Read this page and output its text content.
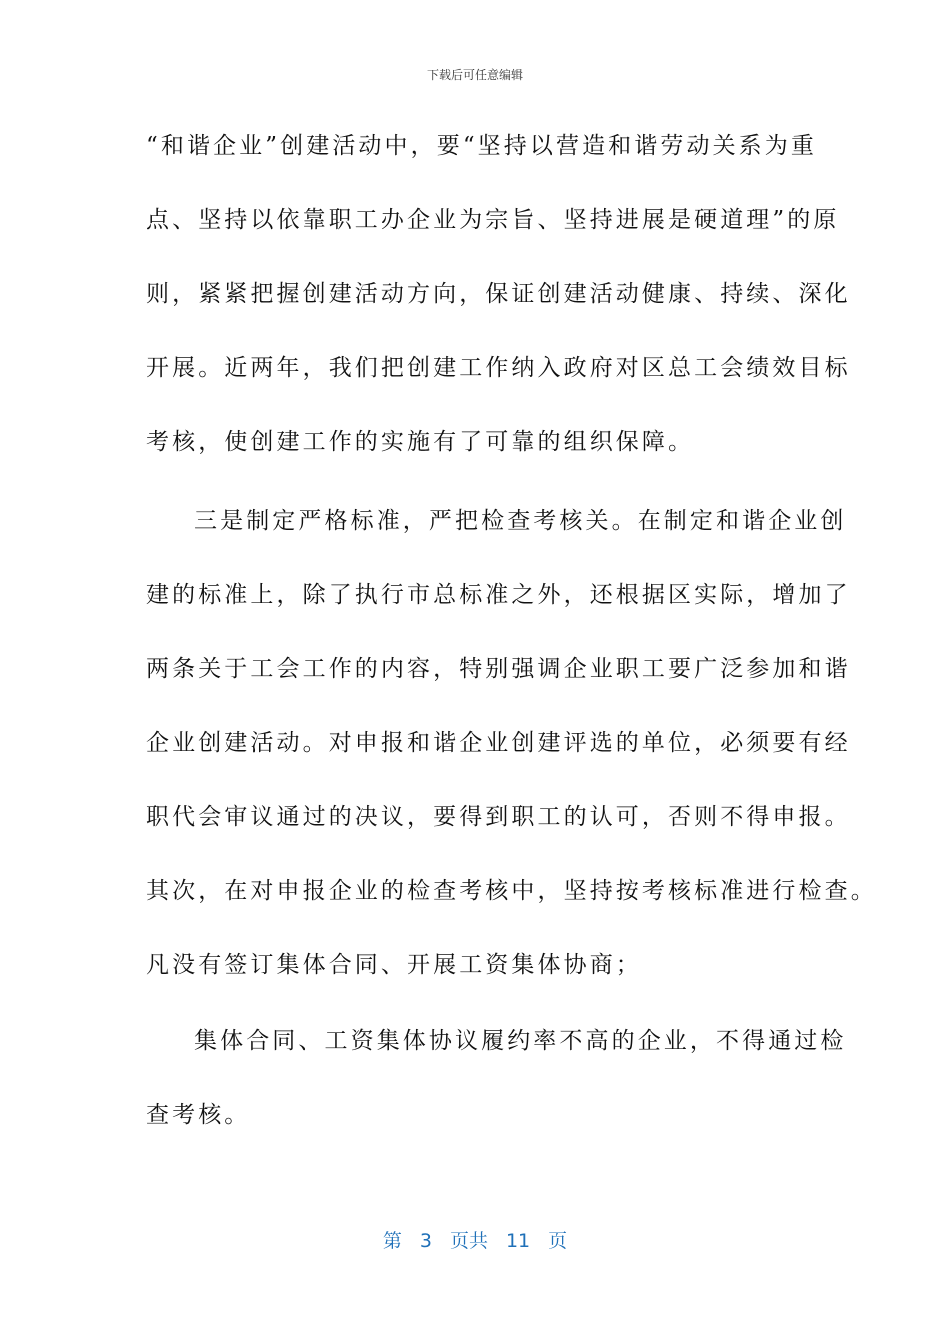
下载后可任意编辑
“和谐企业”创建活动中，要“坚持以营造和谐劳动关系为重
点、坚持以依靠职工办企业为宗旨、坚持进展是硬道理”的原
则，紧紧把握创建活动方向，保证创建活动健康、持续、深化
开展。近两年，我们把创建工作纳入政府对区总工会绩效目标
考核，使创建工作的实施有了可靠的组织保障。
三是制定严格标准，严把检查考核关。在制定和谐企业创
建的标准上，除了执行市总标准之外，还根据区实际，增加了
两条关于工会工作的内容，特别强调企业职工要广泛参加和谐
企业创建活动。对申报和谐企业创建评选的单位，必须要有经
职代会审议通过的决议，要得到职工的认可，否则不得申报。
其次，在对申报企业的检查考核中，坚持按考核标准进行检查。
凡没有签订集体合同、开展工资集体协商；
集体合同、工资集体协议履约率不高的企业，不得通过检
查考核。
第 3 页共 11 页
